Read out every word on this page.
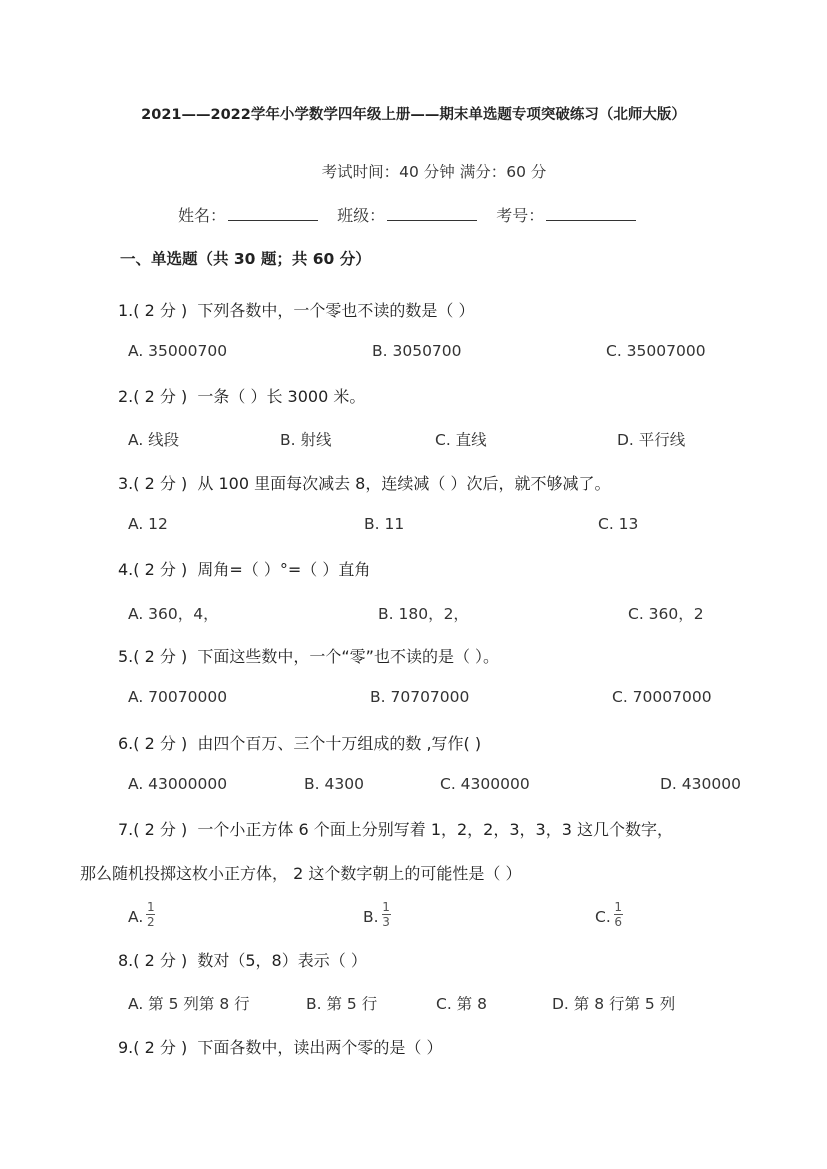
2021——2022学年小学数学四年级上册——期末单选题专项突破练习（北师大版）
考试时间：40 分钟 满分：60 分
姓名：	班级：	考号：
一、单选题（共 30 题；共 60 分）
1.( 2 分 ) 下列各数中，一个零也不读的数是（ ）
A. 35000700	B. 3050700	C. 35007000
2.( 2 分 ) 一条（ ）长 3000 米。
A. 线段	B. 射线	C. 直线	D. 平行线
3.( 2 分 ) 从 100 里面每次减去 8，连续减（ ）次后，就不够减了。
A. 12	B. 11	C. 13
4.( 2 分 ) 周角=（ ）°=（ ）直角
A. 360，4，	B. 180，2，	C. 360，2
5.( 2 分 ) 下面这些数中，一个“零”也不读的是（ ）。
A. 70070000	B. 70707000	C. 70007000
6.( 2 分 ) 由四个百万、三个十万组成的数 ,写作( )
A. 43000000	B. 4300	C. 4300000	D. 430000
7.( 2 分 ) 一个小正方体 6 个面上分别写着 1，2，2，3，3，3 这几个数字，
那么随机投掷这枚小正方体， 2 这个数字朝上的可能性是（ ）
A. $\frac{1}{2}$	B. $\frac{1}{3}$	C. $\frac{1}{6}$
8.( 2 分 ) 数对（5，8）表示（ ）
A. 第 5 列第 8 行	B. 第 5 行	C. 第 8	D. 第 8 行第 5 列
9.( 2 分 ) 下面各数中，读出两个零的是（ ）
